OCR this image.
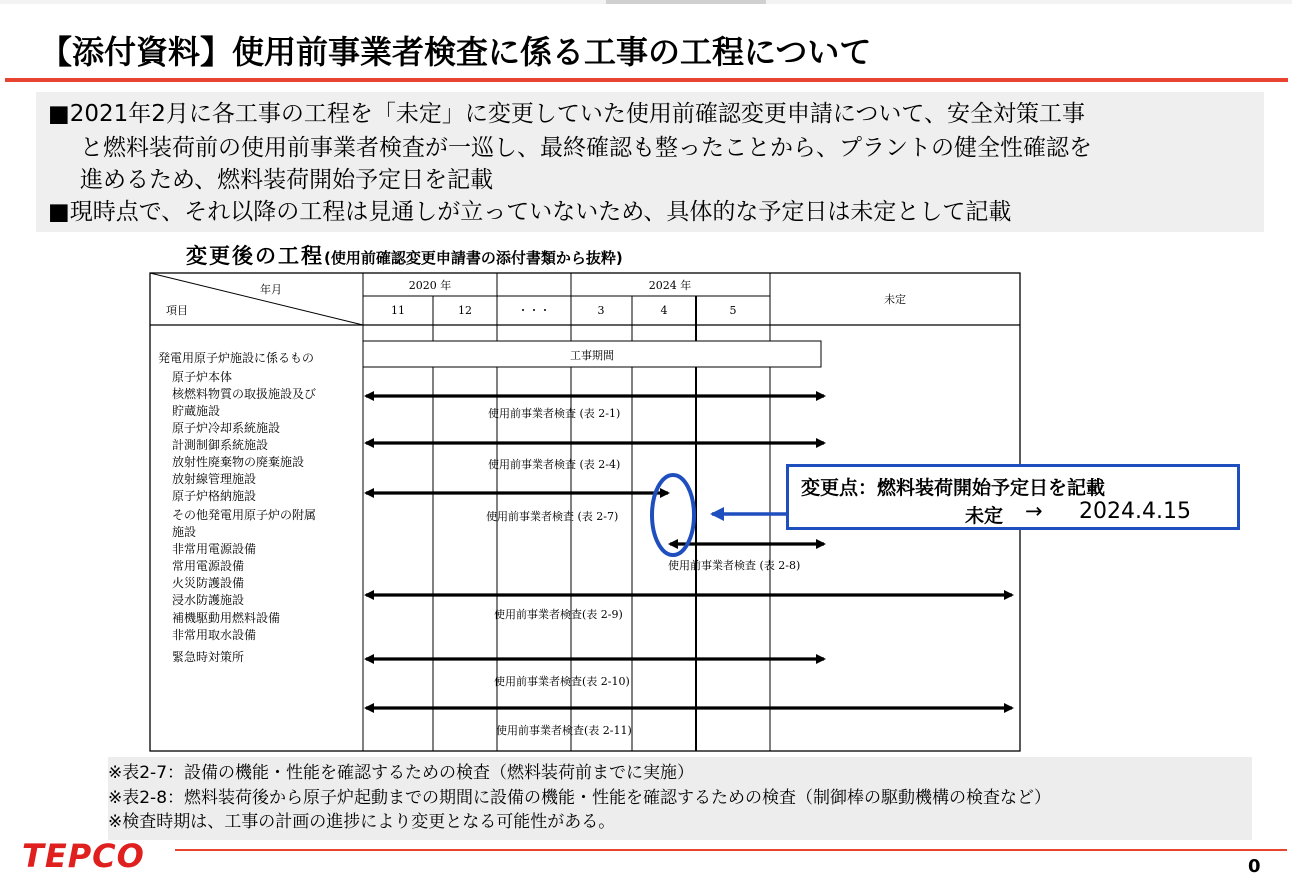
【添付資料】使用前事業者検査に係る工事の工程について
■2021年2月に各工事の工程を「未定」に変更していた使用前確認変更申請について、安全対策工事
と燃料装荷前の使用前事業者検査が一巡し、最終確認も整ったことから、プラントの健全性確認を
進めるため、燃料装荷開始予定日を記載
■現時点で、それ以降の工程は見通しが立っていないため、具体的な予定日は未定として記載
変更後の工程(使用前確認変更申請書の添付書類から抜粋)
年月
項目
2020 年	2024 年
11	12	・・・	3	4	5
未定
工事期間
発電用原子炉施設に係るもの
原子炉本体
核燃料物質の取扱施設及び
貯蔵施設
原子炉冷却系統施設
計測制御系統施設
放射性廃棄物の廃棄施設
放射線管理施設
原子炉格納施設
その他発電用原子炉の附属
施設
非常用電源設備
常用電源設備
火災防護設備
浸水防護施設
補機駆動用燃料設備
非常用取水設備
緊急時対策所
使用前事業者検査 (表 2-1)
使用前事業者検査 (表 2-4)
使用前事業者検査 (表 2-7)
使用前事業者検査 (表 2-8)
使用前事業者検査(表 2-9)
使用前事業者検査(表 2-10)
使用前事業者検査(表 2-11)
変更点：燃料装荷開始予定日を記載
未定 → 2024.4.15
※表2-7：設備の機能・性能を確認するための検査（燃料装荷前までに実施）
※表2-8：燃料装荷後から原子炉起動までの期間に設備の機能・性能を確認するための検査（制御棒の駆動機構の検査など）
※検査時期は、工事の計画の進捗により変更となる可能性がある。
TEPCO	0
